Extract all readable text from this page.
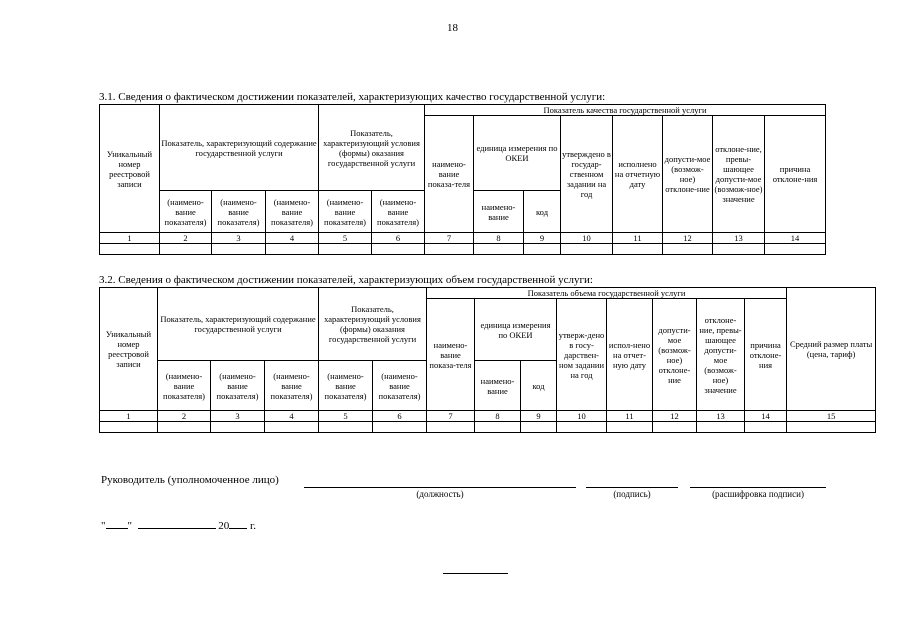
18
3.1. Сведения о фактическом достижении показателей, характеризующих качество государственной услуги:
Уникальный номер реестровой записи	Показатель, характеризующий содержание государственной услуги			Показатель, характеризующий условия (формы) оказания государственной услуги		Показатель качества государственной услуги							
						наимено-вание показа-теля	единица измерения по ОКЕИ		утверждено в государ-ственном задании на год	исполнено на отчетную дату	допусти-мое (возмож-ное) отклоне-ние	отклоне-ние, превы-шающее допусти-мое (возмож-ное) значение	причина отклоне-ния
	(наимено-вание показателя)	(наимено-вание показателя)	(наимено-вание показателя)	(наимено-вание показателя)	(наимено-вание показателя)		наимено-вание	код					
1	2	3	4	5	6	7	8	9	10	11	12	13	14

3.2. Сведения о фактическом достижении показателей, характеризующих объем государственной услуги:
Уникальный номер реестровой записи	Показатель, характеризующий содержание государственной услуги			Показатель, характеризующий условия (формы) оказания государственной услуги		Показатель объема государственной услуги								Средний размер платы (цена, тариф)
						наимено-вание показа-теля	единица измерения по ОКЕИ		утверж-дено в госу-дарствен-ном задании на год	испол-нено на отчет-ную дату	допусти-мое (возмож-ное) отклоне-ние	отклоне-ние, превы-шающее допусти-мое (возмож-ное) значение	причина отклоне-ния	
	(наимено-вание показателя)	(наимено-вание показателя)	(наимено-вание показателя)	(наимено-вание показателя)	(наимено-вание показателя)		наимено-вание	код						
1	2	3	4	5	6	7	8	9	10	11	12	13	14	15

Руководитель (уполномоченное лицо)
(должность)	(подпись)	(расшифровка подписи)
" "	20 г.
